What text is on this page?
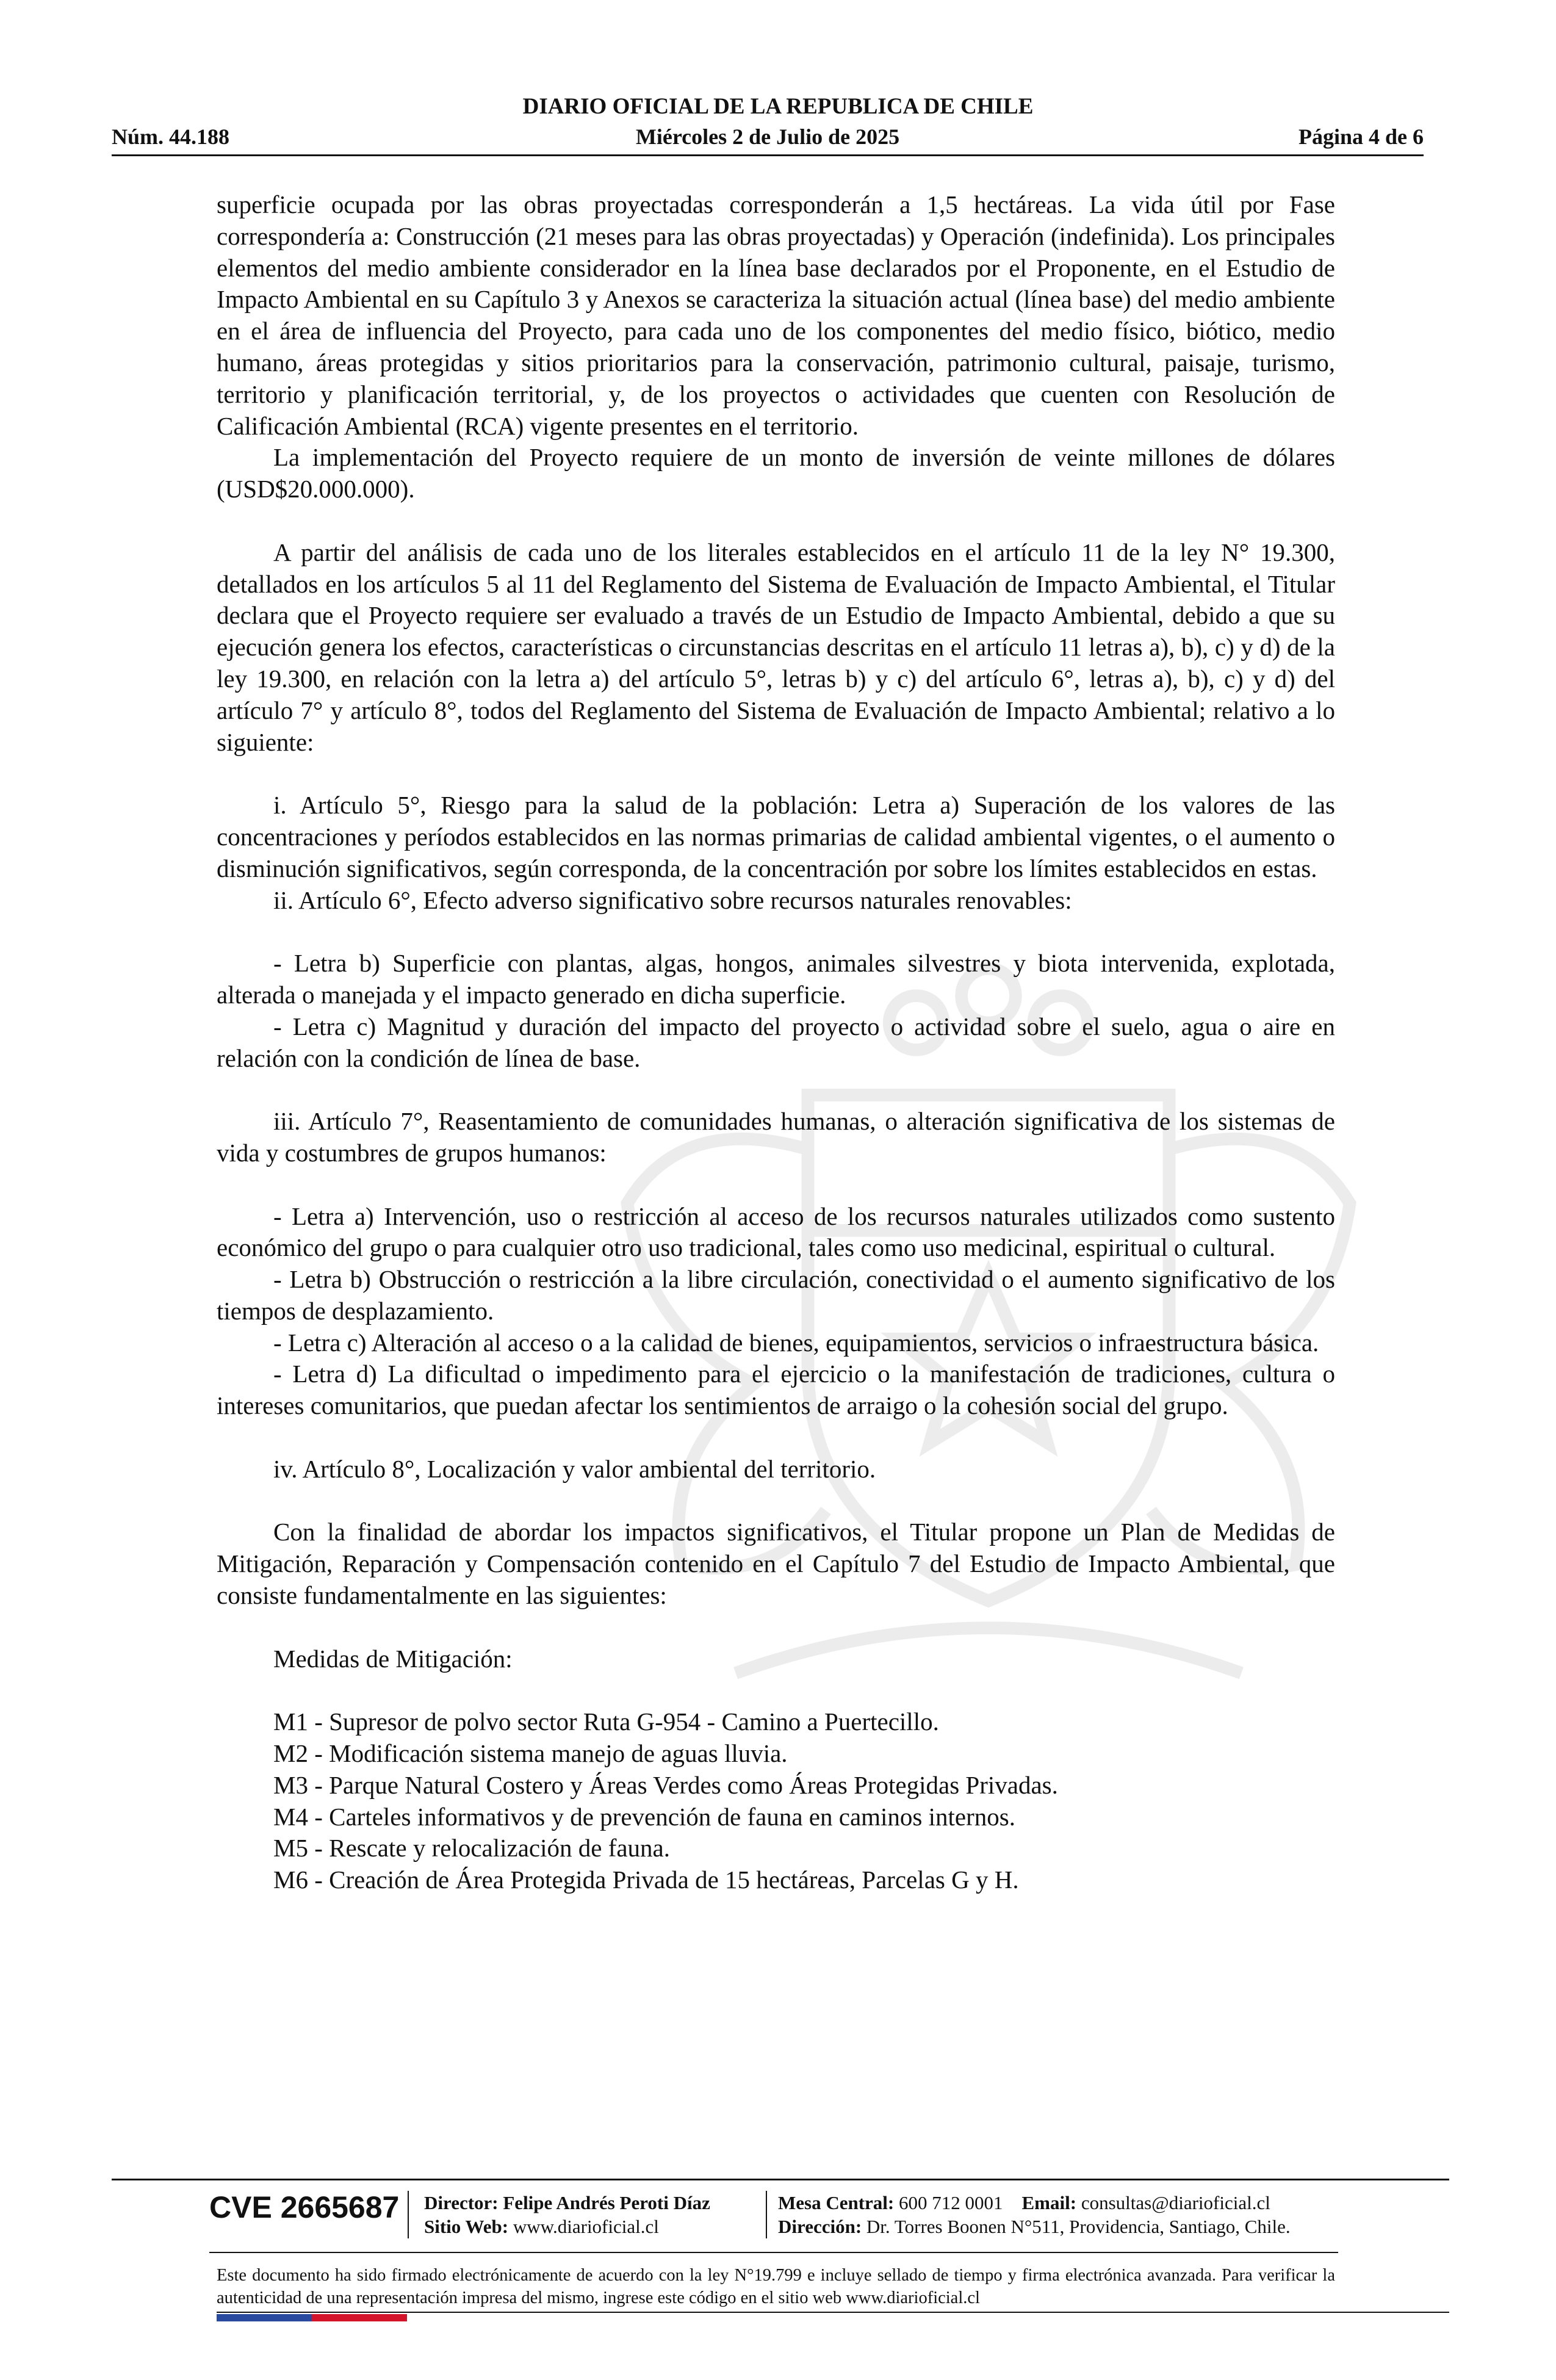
DIARIO OFICIAL DE LA REPUBLICA DE CHILE
Miércoles 2 de Julio de 2025
Núm. 44.188	Página 4 de 6

superficie ocupada por las obras proyectadas corresponderán a 1,5 hectáreas. La vida útil por Fase correspondería a: Construcción (21 meses para las obras proyectadas) y Operación (indefinida). Los principales elementos del medio ambiente considerador en la línea base declarados por el Proponente, en el Estudio de Impacto Ambiental en su Capítulo 3 y Anexos se caracteriza la situación actual (línea base) del medio ambiente en el área de influencia del Proyecto, para cada uno de los componentes del medio físico, biótico, medio humano, áreas protegidas y sitios prioritarios para la conservación, patrimonio cultural, paisaje, turismo, territorio y planificación territorial, y, de los proyectos o actividades que cuenten con Resolución de Calificación Ambiental (RCA) vigente presentes en el territorio.

La implementación del Proyecto requiere de un monto de inversión de veinte millones de dólares (USD$20.000.000).

A partir del análisis de cada uno de los literales establecidos en el artículo 11 de la ley N° 19.300, detallados en los artículos 5 al 11 del Reglamento del Sistema de Evaluación de Impacto Ambiental, el Titular declara que el Proyecto requiere ser evaluado a través de un Estudio de Impacto Ambiental, debido a que su ejecución genera los efectos, características o circunstancias descritas en el artículo 11 letras a), b), c) y d) de la ley 19.300, en relación con la letra a) del artículo 5°, letras b) y c) del artículo 6°, letras a), b), c) y d) del artículo 7° y artículo 8°, todos del Reglamento del Sistema de Evaluación de Impacto Ambiental; relativo a lo siguiente:

i. Artículo 5°, Riesgo para la salud de la población: Letra a) Superación de los valores de las concentraciones y períodos establecidos en las normas primarias de calidad ambiental vigentes, o el aumento o disminución significativos, según corresponda, de la concentración por sobre los límites establecidos en estas.

ii. Artículo 6°, Efecto adverso significativo sobre recursos naturales renovables:

- Letra b) Superficie con plantas, algas, hongos, animales silvestres y biota intervenida, explotada, alterada o manejada y el impacto generado en dicha superficie.

- Letra c) Magnitud y duración del impacto del proyecto o actividad sobre el suelo, agua o aire en relación con la condición de línea de base.

iii. Artículo 7°, Reasentamiento de comunidades humanas, o alteración significativa de los sistemas de vida y costumbres de grupos humanos:

- Letra a) Intervención, uso o restricción al acceso de los recursos naturales utilizados como sustento económico del grupo o para cualquier otro uso tradicional, tales como uso medicinal, espiritual o cultural.

- Letra b) Obstrucción o restricción a la libre circulación, conectividad o el aumento significativo de los tiempos de desplazamiento.

- Letra c) Alteración al acceso o a la calidad de bienes, equipamientos, servicios o infraestructura básica.

- Letra d) La dificultad o impedimento para el ejercicio o la manifestación de tradiciones, cultura o intereses comunitarios, que puedan afectar los sentimientos de arraigo o la cohesión social del grupo.

iv. Artículo 8°, Localización y valor ambiental del territorio.

Con la finalidad de abordar los impactos significativos, el Titular propone un Plan de Medidas de Mitigación, Reparación y Compensación contenido en el Capítulo 7 del Estudio de Impacto Ambiental, que consiste fundamentalmente en las siguientes:

Medidas de Mitigación:

M1 - Supresor de polvo sector Ruta G-954 - Camino a Puertecillo.

M2 - Modificación sistema manejo de aguas lluvia.

M3 - Parque Natural Costero y Áreas Verdes como Áreas Protegidas Privadas.

M4 - Carteles informativos y de prevención de fauna en caminos internos.

M5 - Rescate y relocalización de fauna.

M6 - Creación de Área Protegida Privada de 15 hectáreas, Parcelas G y H.

CVE 2665687 Director: Felipe Andrés Peroti Díaz
Sitio Web: www.diarioficial.cl
Mesa Central: 600 712 0001 Email: consultas@diarioficial.cl
Dirección: Dr. Torres Boonen N°511, Providencia, Santiago, Chile.
Este documento ha sido firmado electrónicamente de acuerdo con la ley N°19.799 e incluye sellado de tiempo y firma electrónica avanzada. Para verificar la autenticidad de una representación impresa del mismo, ingrese este código en el sitio web www.diarioficial.cl
